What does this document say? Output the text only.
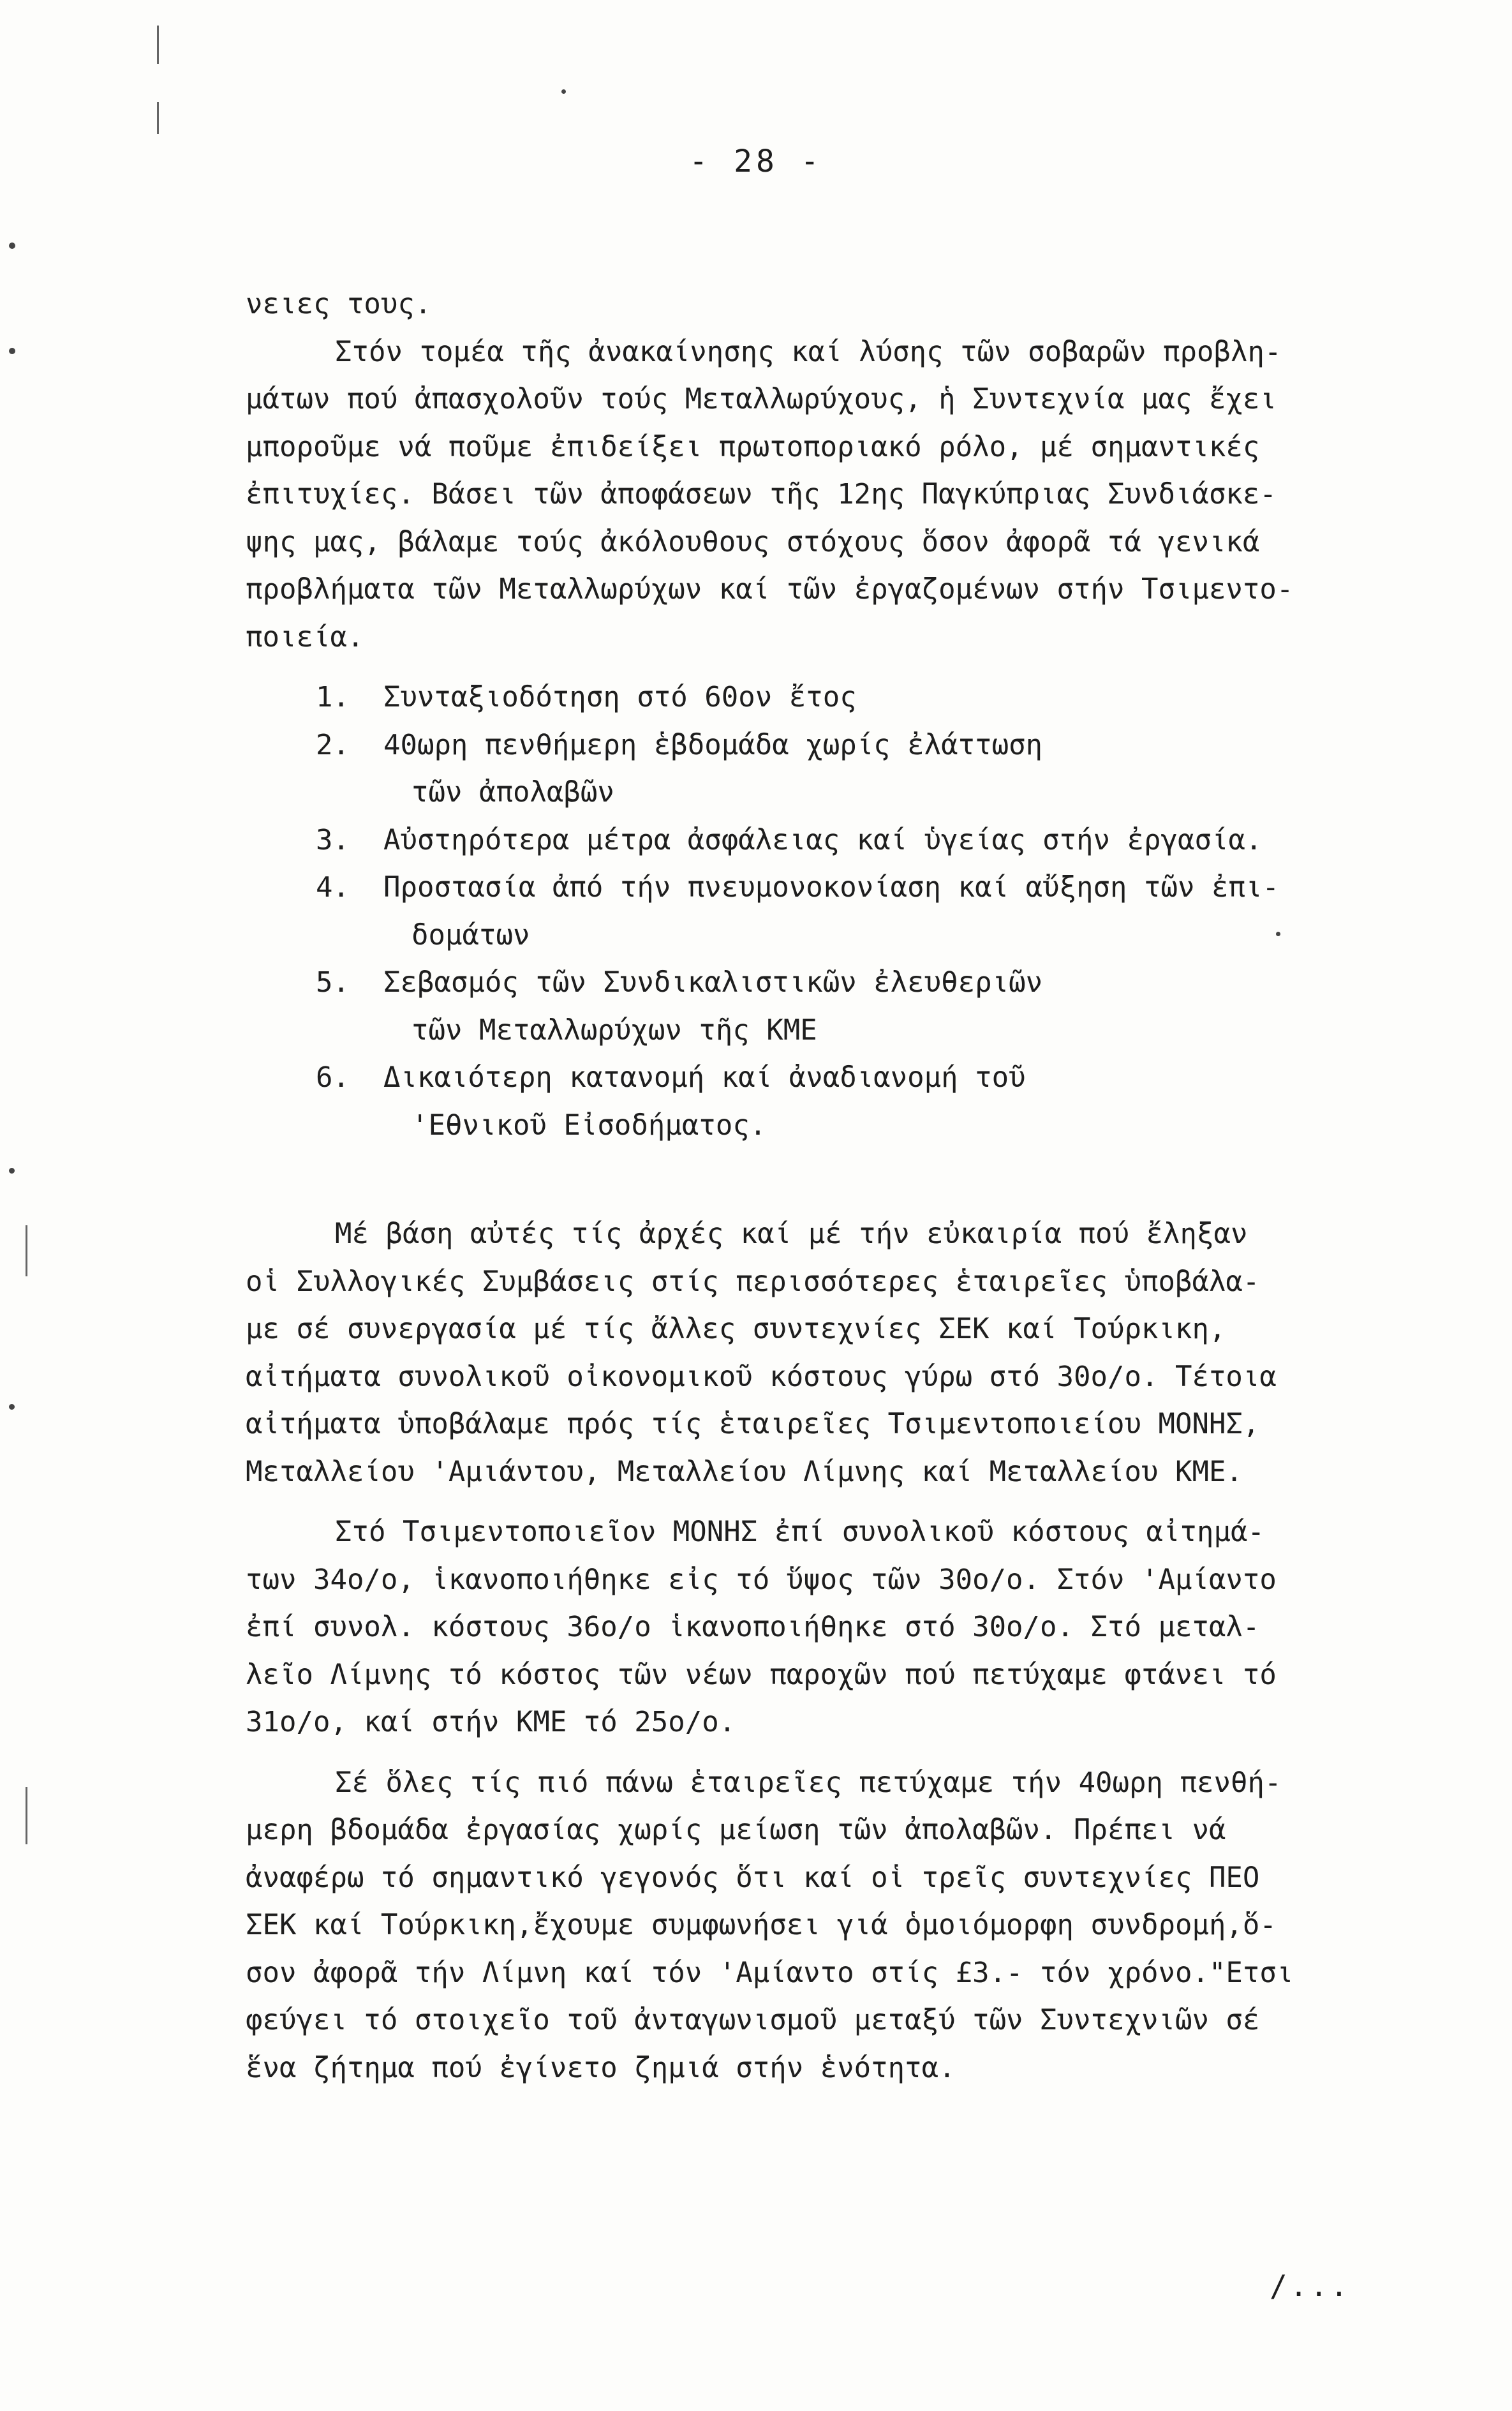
- 28 -
νειες τους.
Στόν τομέα τῆς ἀνακαίνησης καί λύσης τῶν σοβαρῶν προβλη-
μάτων πού ἀπασχολοῦν τούς Μεταλλωρύχους, ἡ Συντεχνία μας ἔχει
μποροῦμε νά ποῦμε ἐπιδείξει πρωτοποριακό ρόλο, μέ σημαντικές
ἐπιτυχίες. Βάσει τῶν ἀποφάσεων τῆς 12ης Παγκύπριας Συνδιάσκε-
ψης μας, βάλαμε τούς ἀκόλουθους στόχους ὅσον ἀφορᾶ τά γενικά
προβλήματα τῶν Μεταλλωρύχων καί τῶν ἐργαζομένων στήν Τσιμεντο-
ποιεία.
1. Συνταξιοδότηση στό 60ον ἔτος
2. 40ωρη πενθήμερη ἑβδομάδα χωρίς ἐλάττωση
τῶν ἀπολαβῶν
3. Αὐστηρότερα μέτρα ἀσφάλειας καί ὑγείας στήν ἐργασία.
4. Προστασία ἀπό τήν πνευμονοκονίαση καί αὔξηση τῶν ἐπι-
δομάτων
5. Σεβασμός τῶν Συνδικαλιστικῶν ἐλευθεριῶν
τῶν Μεταλλωρύχων τῆς ΚΜΕ
6. Δικαιότερη κατανομή καί ἀναδιανομή τοῦ
'Εθνικοῦ Εἰσοδήματος.
Μέ βάση αὐτές τίς ἀρχές καί μέ τήν εὐκαιρία πού ἔληξαν
οἱ Συλλογικές Συμβάσεις στίς περισσότερες ἑταιρεῖες ὑποβάλα-
με σέ συνεργασία μέ τίς ἄλλες συντεχνίες ΣΕΚ καί Τούρκικη,
αἰτήματα συνολικοῦ οἰκονομικοῦ κόστους γύρω στό 30ο/ο. Τέτοια
αἰτήματα ὑποβάλαμε πρός τίς ἑταιρεῖες Τσιμεντοποιείου ΜΟΝΗΣ,
Μεταλλείου 'Αμιάντου, Μεταλλείου Λίμνης καί Μεταλλείου ΚΜΕ.
Στό Τσιμεντοποιεῖον ΜΟΝΗΣ ἐπί συνολικοῦ κόστους αἰτημά-
των 34ο/ο, ἱκανοποιήθηκε εἰς τό ὕψος τῶν 30ο/ο. Στόν 'Αμίαντο
ἐπί συνολ. κόστους 36ο/ο ἱκανοποιήθηκε στό 30ο/ο. Στό μεταλ-
λεῖο Λίμνης τό κόστος τῶν νέων παροχῶν πού πετύχαμε φτάνει τό
31ο/ο, καί στήν ΚΜΕ τό 25ο/ο.
Σέ ὅλες τίς πιό πάνω ἑταιρεῖες πετύχαμε τήν 40ωρη πενθή-
μερη βδομάδα ἐργασίας χωρίς μείωση τῶν ἀπολαβῶν. Πρέπει νά
ἀναφέρω τό σημαντικό γεγονός ὅτι καί οἱ τρεῖς συντεχνίες ΠΕΟ
ΣΕΚ καί Τούρκικη,ἔχουμε συμφωνήσει γιά ὁμοιόμορφη συνδρομή,ὅ-
σον ἀφορᾶ τήν Λίμνη καί τόν 'Αμίαντο στίς £3.- τόν χρόνο."Ετσι
φεύγει τό στοιχεῖο τοῦ ἀνταγωνισμοῦ μεταξύ τῶν Συντεχνιῶν σέ
ἕνα ζήτημα πού ἐγίνετο ζημιά στήν ἑνότητα.
/...
